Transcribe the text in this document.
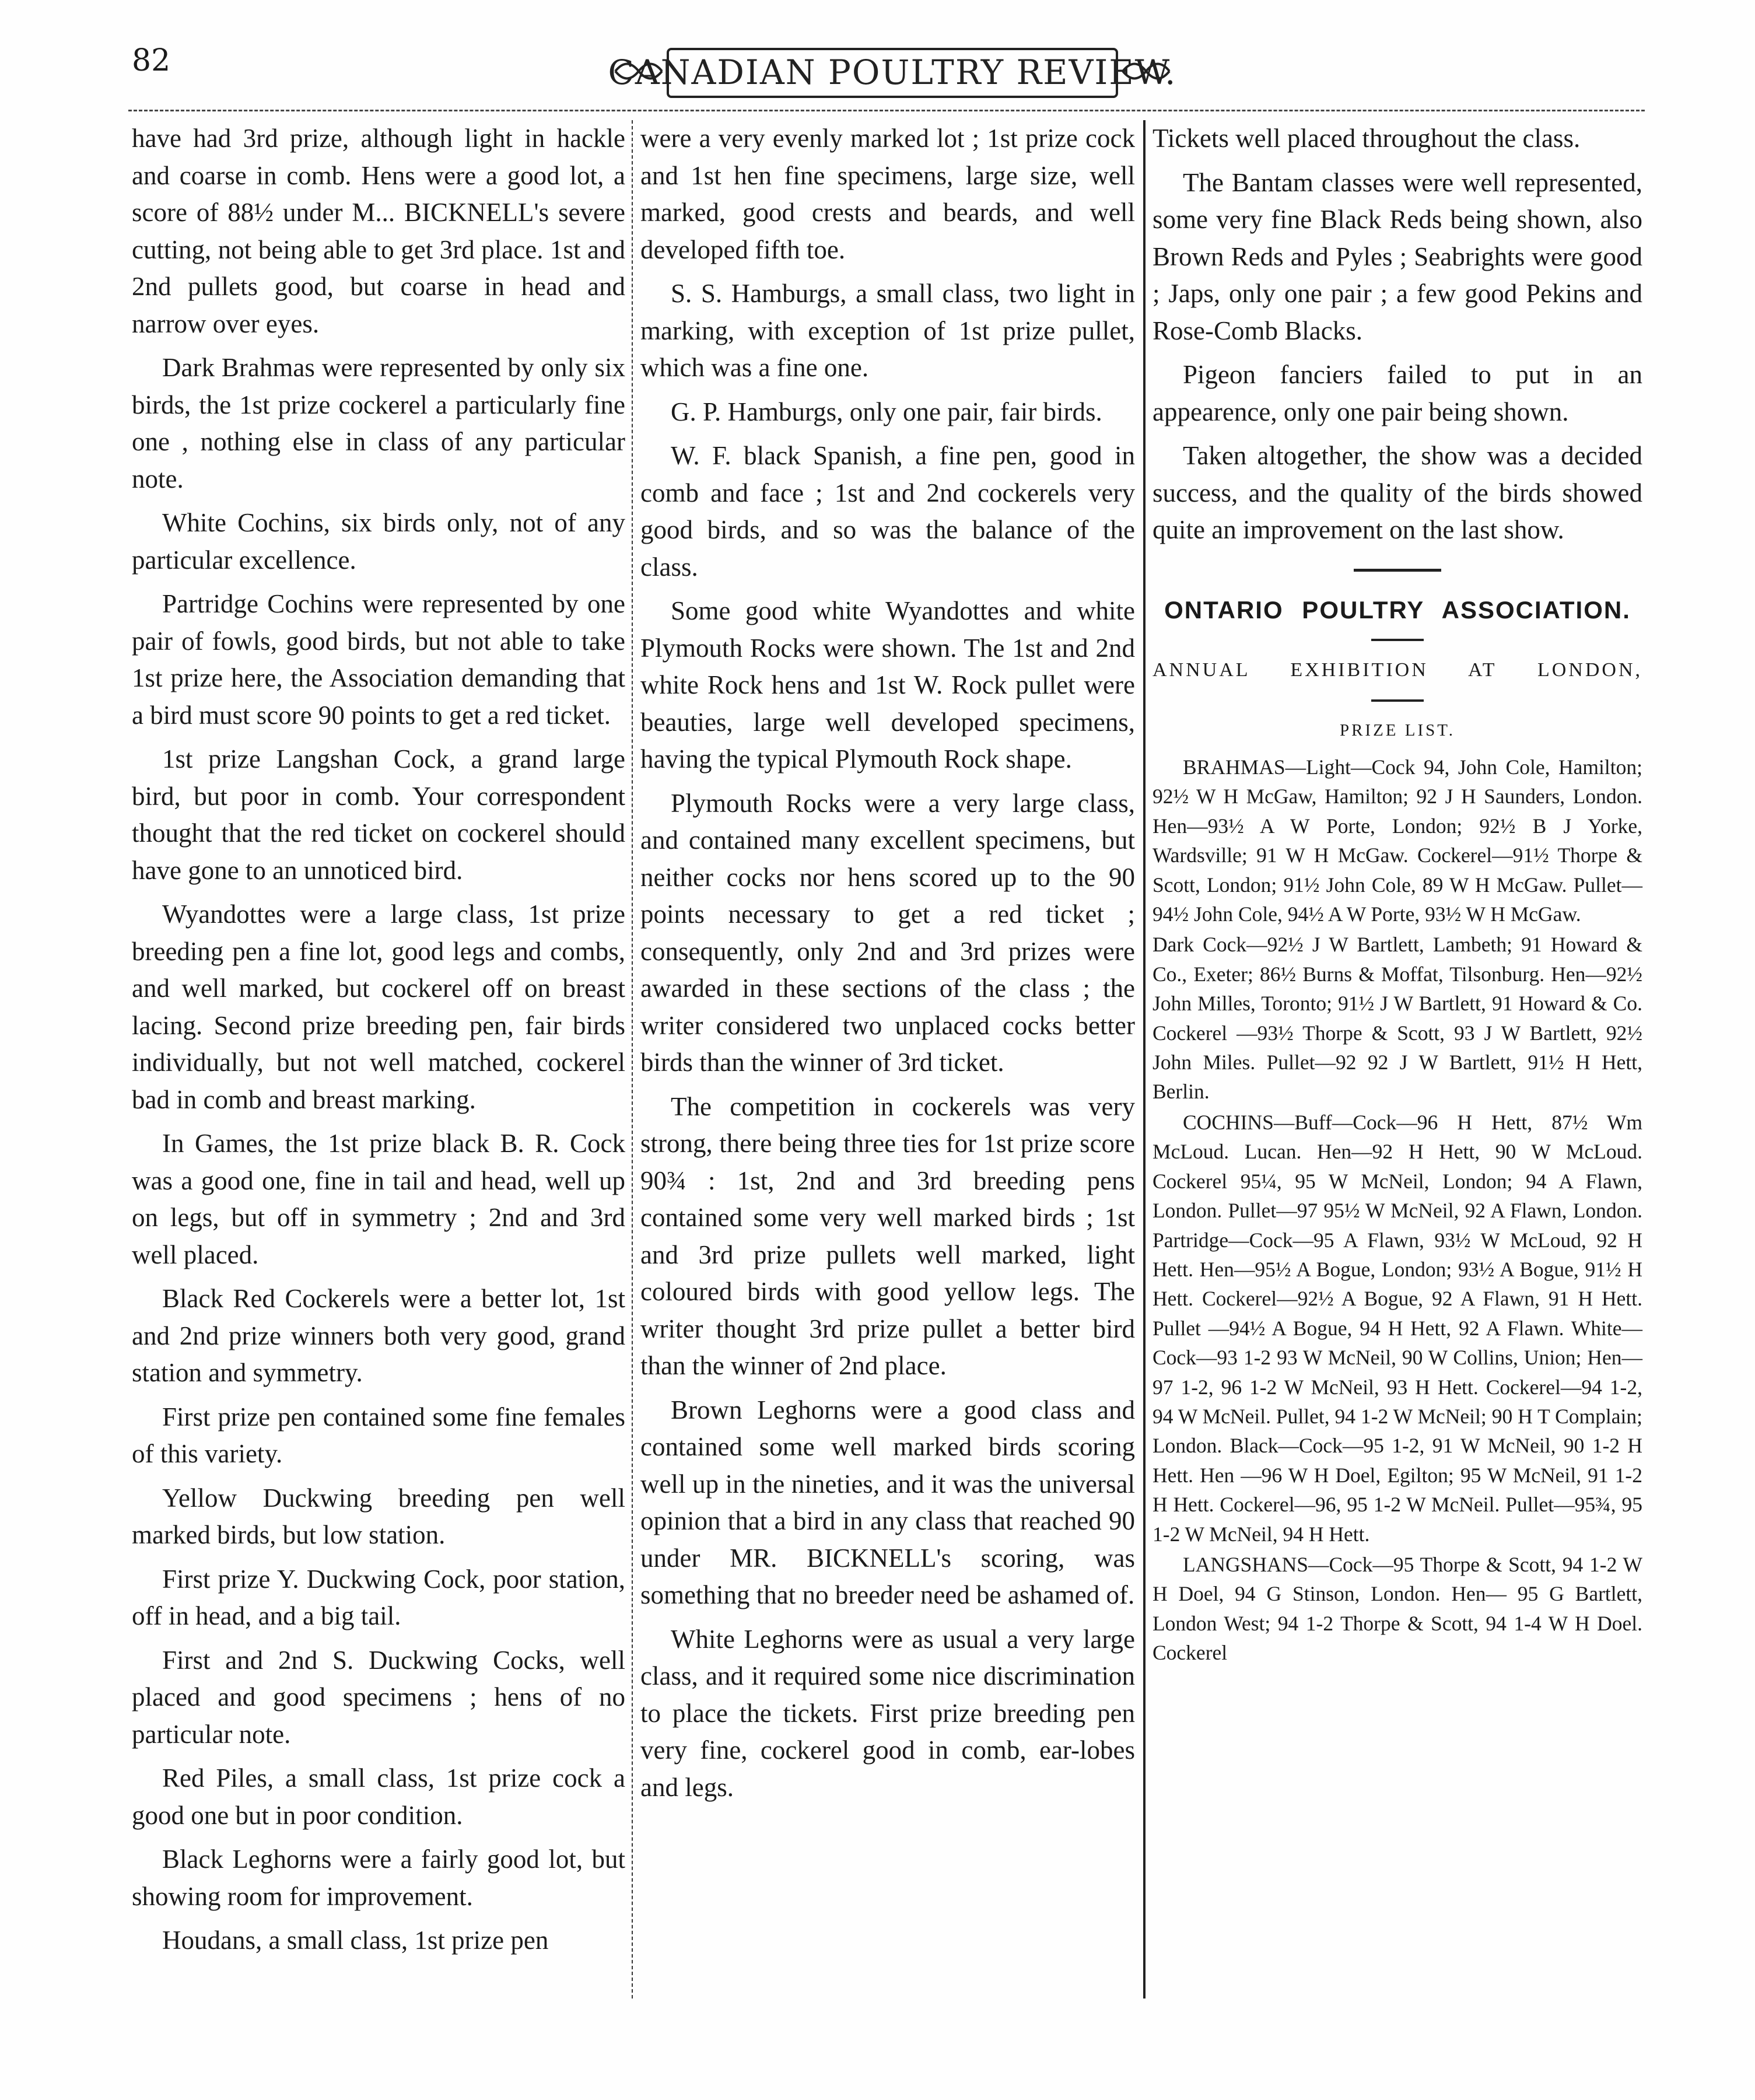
82	CANADIAN POULTRY REVIEW.

have had 3rd prize, although light in hackle and coarse in comb. Hens were a good lot, a score of 88½ under M... BICKNELL's severe cutting, not being able to get 3rd place. 1st and 2nd pullets good, but coarse in head and narrow over eyes.

Dark Brahmas were represented by only six birds, the 1st prize cockerel a particularly fine one , nothing else in class of any particular note.

White Cochins, six birds only, not of any particular excellence.

Partridge Cochins were represented by one pair of fowls, good birds, but not able to take 1st prize here, the Association demanding that a bird must score 90 points to get a red ticket.

1st prize Langshan Cock, a grand large bird, but poor in comb. Your correspondent thought that the red ticket on cockerel should have gone to an unnoticed bird.

Wyandottes were a large class, 1st prize breeding pen a fine lot, good legs and combs, and well marked, but cockerel off on breast lacing. Second prize breeding pen, fair birds individually, but not well matched, cockerel bad in comb and breast marking.

In Games, the 1st prize black B. R. Cock was a good one, fine in tail and head, well up on legs, but off in symmetry ; 2nd and 3rd well placed.

Black Red Cockerels were a better lot, 1st and 2nd prize winners both very good, grand station and symmetry.

First prize pen contained some fine females of this variety.

Yellow Duckwing breeding pen well marked birds, but low station.

First prize Y. Duckwing Cock, poor station, off in head, and a big tail.

First and 2nd S. Duckwing Cocks, well placed and good specimens ; hens of no particular note.

Red Piles, a small class, 1st prize cock a good one but in poor condition.

Black Leghorns were a fairly good lot, but showing room for improvement.

Houdans, a small class, 1st prize pen

were a very evenly marked lot ; 1st prize cock and 1st hen fine specimens, large size, well marked, good crests and beards, and well developed fifth toe.

S. S. Hamburgs, a small class, two light in marking, with exception of 1st prize pullet, which was a fine one.

G. P. Hamburgs, only one pair, fair birds.

W. F. black Spanish, a fine pen, good in comb and face ; 1st and 2nd cockerels very good birds, and so was the balance of the class.

Some good white Wyandottes and white Plymouth Rocks were shown. The 1st and 2nd white Rock hens and 1st W. Rock pullet were beauties, large well developed specimens, having the typical Plymouth Rock shape.

Plymouth Rocks were a very large class, and contained many excellent specimens, but neither cocks nor hens scored up to the 90 points necessary to get a red ticket ; consequently, only 2nd and 3rd prizes were awarded in these sections of the class ; the writer considered two unplaced cocks better birds than the winner of 3rd ticket.

The competition in cockerels was very strong, there being three ties for 1st prize score 90¾ : 1st, 2nd and 3rd breeding pens contained some very well marked birds ; 1st and 3rd prize pullets well marked, light coloured birds with good yellow legs. The writer thought 3rd prize pullet a better bird than the winner of 2nd place.

Brown Leghorns were a good class and contained some well marked birds scoring well up in the nineties, and it was the universal opinion that a bird in any class that reached 90 under MR. BICKNELL's scoring, was something that no breeder need be ashamed of.

White Leghorns were as usual a very large class, and it required some nice discrimination to place the tickets. First prize breeding pen very fine, cockerel good in comb, ear-lobes and legs.

Tickets well placed throughout the class.

The Bantam classes were well represented, some very fine Black Reds being shown, also Brown Reds and Pyles ; Seabrights were good ; Japs, only one pair ; a few good Pekins and Rose-Comb Blacks.

Pigeon fanciers failed to put in an appearence, only one pair being shown.

Taken altogether, the show was a decided success, and the quality of the birds showed quite an improvement on the last show.

ONTARIO POULTRY ASSOCIATION.
ANNUAL EXHIBITION AT LONDON,
PRIZE LIST.

BRAHMAS—Light—Cock 94, John Cole, Hamilton; 92½ W H McGaw, Hamilton; 92 J H Saunders, London. Hen—93½ A W Porte, London; 92½ B J Yorke, Wardsville; 91 W H McGaw. Cockerel—91½ Thorpe & Scott, London; 91½ John Cole, 89 W H McGaw. Pullet—94½ John Cole, 94½ A W Porte, 93½ W H McGaw.

Dark Cock—92½ J W Bartlett, Lambeth; 91 Howard & Co., Exeter; 86½ Burns & Moffat, Tilsonburg. Hen—92½ John Milles, Toronto; 91½ J W Bartlett, 91 Howard & Co. Cockerel —93½ Thorpe & Scott, 93 J W Bartlett, 92½ John Miles. Pullet—92 92 J W Bartlett, 91½ H Hett, Berlin.

COCHINS—Buff—Cock—96 H Hett, 87½ Wm McLoud. Lucan. Hen—92 H Hett, 90 W McLoud. Cockerel 95¼, 95 W McNeil, London; 94 A Flawn, London. Pullet—97 95½ W McNeil, 92 A Flawn, London. Partridge—Cock—95 A Flawn, 93½ W McLoud, 92 H Hett. Hen—95½ A Bogue, London; 93½ A Bogue, 91½ H Hett. Cockerel—92½ A Bogue, 92 A Flawn, 91 H Hett. Pullet —94½ A Bogue, 94 H Hett, 92 A Flawn. White—Cock—93 1-2 93 W McNeil, 90 W Collins, Union; Hen—97 1-2, 96 1-2 W McNeil, 93 H Hett. Cockerel—94 1-2, 94 W McNeil. Pullet, 94 1-2 W McNeil; 90 H T Complain; London. Black—Cock—95 1-2, 91 W McNeil, 90 1-2 H Hett. Hen —96 W H Doel, Egilton; 95 W McNeil, 91 1-2 H Hett. Cockerel—96, 95 1-2 W McNeil. Pullet—95¾, 95 1-2 W McNeil, 94 H Hett.

LANGSHANS—Cock—95 Thorpe & Scott, 94 1-2 W H Doel, 94 G Stinson, London. Hen— 95 G Bartlett, London West; 94 1-2 Thorpe & Scott, 94 1-4 W H Doel. Cockerel
